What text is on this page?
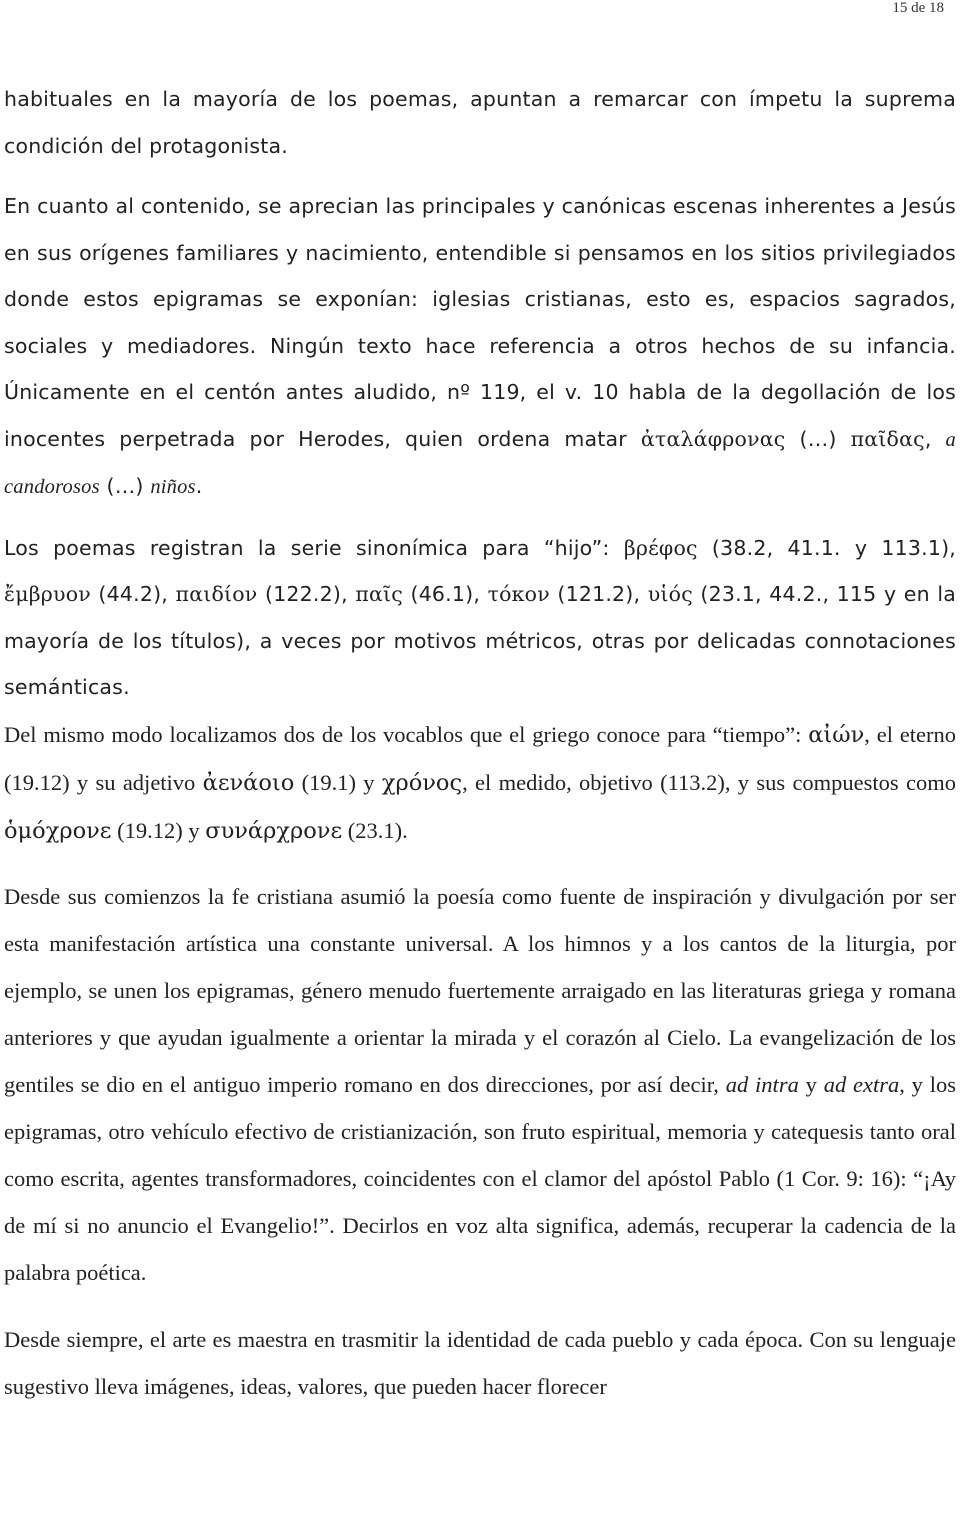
15 de 18

habituales en la mayoría de los poemas, apuntan a remarcar con ímpetu la suprema condición del protagonista.

En cuanto al contenido, se aprecian las principales y canónicas escenas inherentes a Jesús en sus orígenes familiares y nacimiento, entendible si pensamos en los sitios privilegiados donde estos epigramas se exponían: iglesias cristianas, esto es, espacios sagrados, sociales y mediadores. Ningún texto hace referencia a otros hechos de su infancia. Únicamente en el centón antes aludido, nº 119, el v. 10 habla de la degollación de los inocentes perpetrada por Herodes, quien ordena matar ἀταλάφρονας (…) παῖδας, a candorosos (…) niños.

Los poemas registran la serie sinonímica para “hijo”: βρέφος (38.2, 41.1. y 113.1), ἔμβρυον (44.2), παιδίον (122.2), παῖς (46.1), τόκον (121.2), υἱός (23.1, 44.2., 115 y en la mayoría de los títulos), a veces por motivos métricos, otras por delicadas connotaciones semánticas.

Del mismo modo localizamos dos de los vocablos que el griego conoce para “tiempo”: αἰών, el eterno (19.12) y su adjetivo ἀενάοιο (19.1) y χρόνος, el medido, objetivo (113.2), y sus compuestos como ὁμόχρονε (19.12) y συνάρχρονε (23.1).

Desde sus comienzos la fe cristiana asumió la poesía como fuente de inspiración y divulgación por ser esta manifestación artística una constante universal. A los himnos y a los cantos de la liturgia, por ejemplo, se unen los epigramas, género menudo fuertemente arraigado en las literaturas griega y romana anteriores y que ayudan igualmente a orientar la mirada y el corazón al Cielo. La evangelización de los gentiles se dio en el antiguo imperio romano en dos direcciones, por así decir, ad intra y ad extra, y los epigramas, otro vehículo efectivo de cristianización, son fruto espiritual, memoria y catequesis tanto oral como escrita, agentes transformadores, coincidentes con el clamor del apóstol Pablo (1 Cor. 9: 16): “¡Ay de mí si no anuncio el Evangelio!”. Decirlos en voz alta significa, además, recuperar la cadencia de la palabra poética.

Desde siempre, el arte es maestra en trasmitir la identidad de cada pueblo y cada época. Con su lenguaje sugestivo lleva imágenes, ideas, valores, que pueden hacer florecer
